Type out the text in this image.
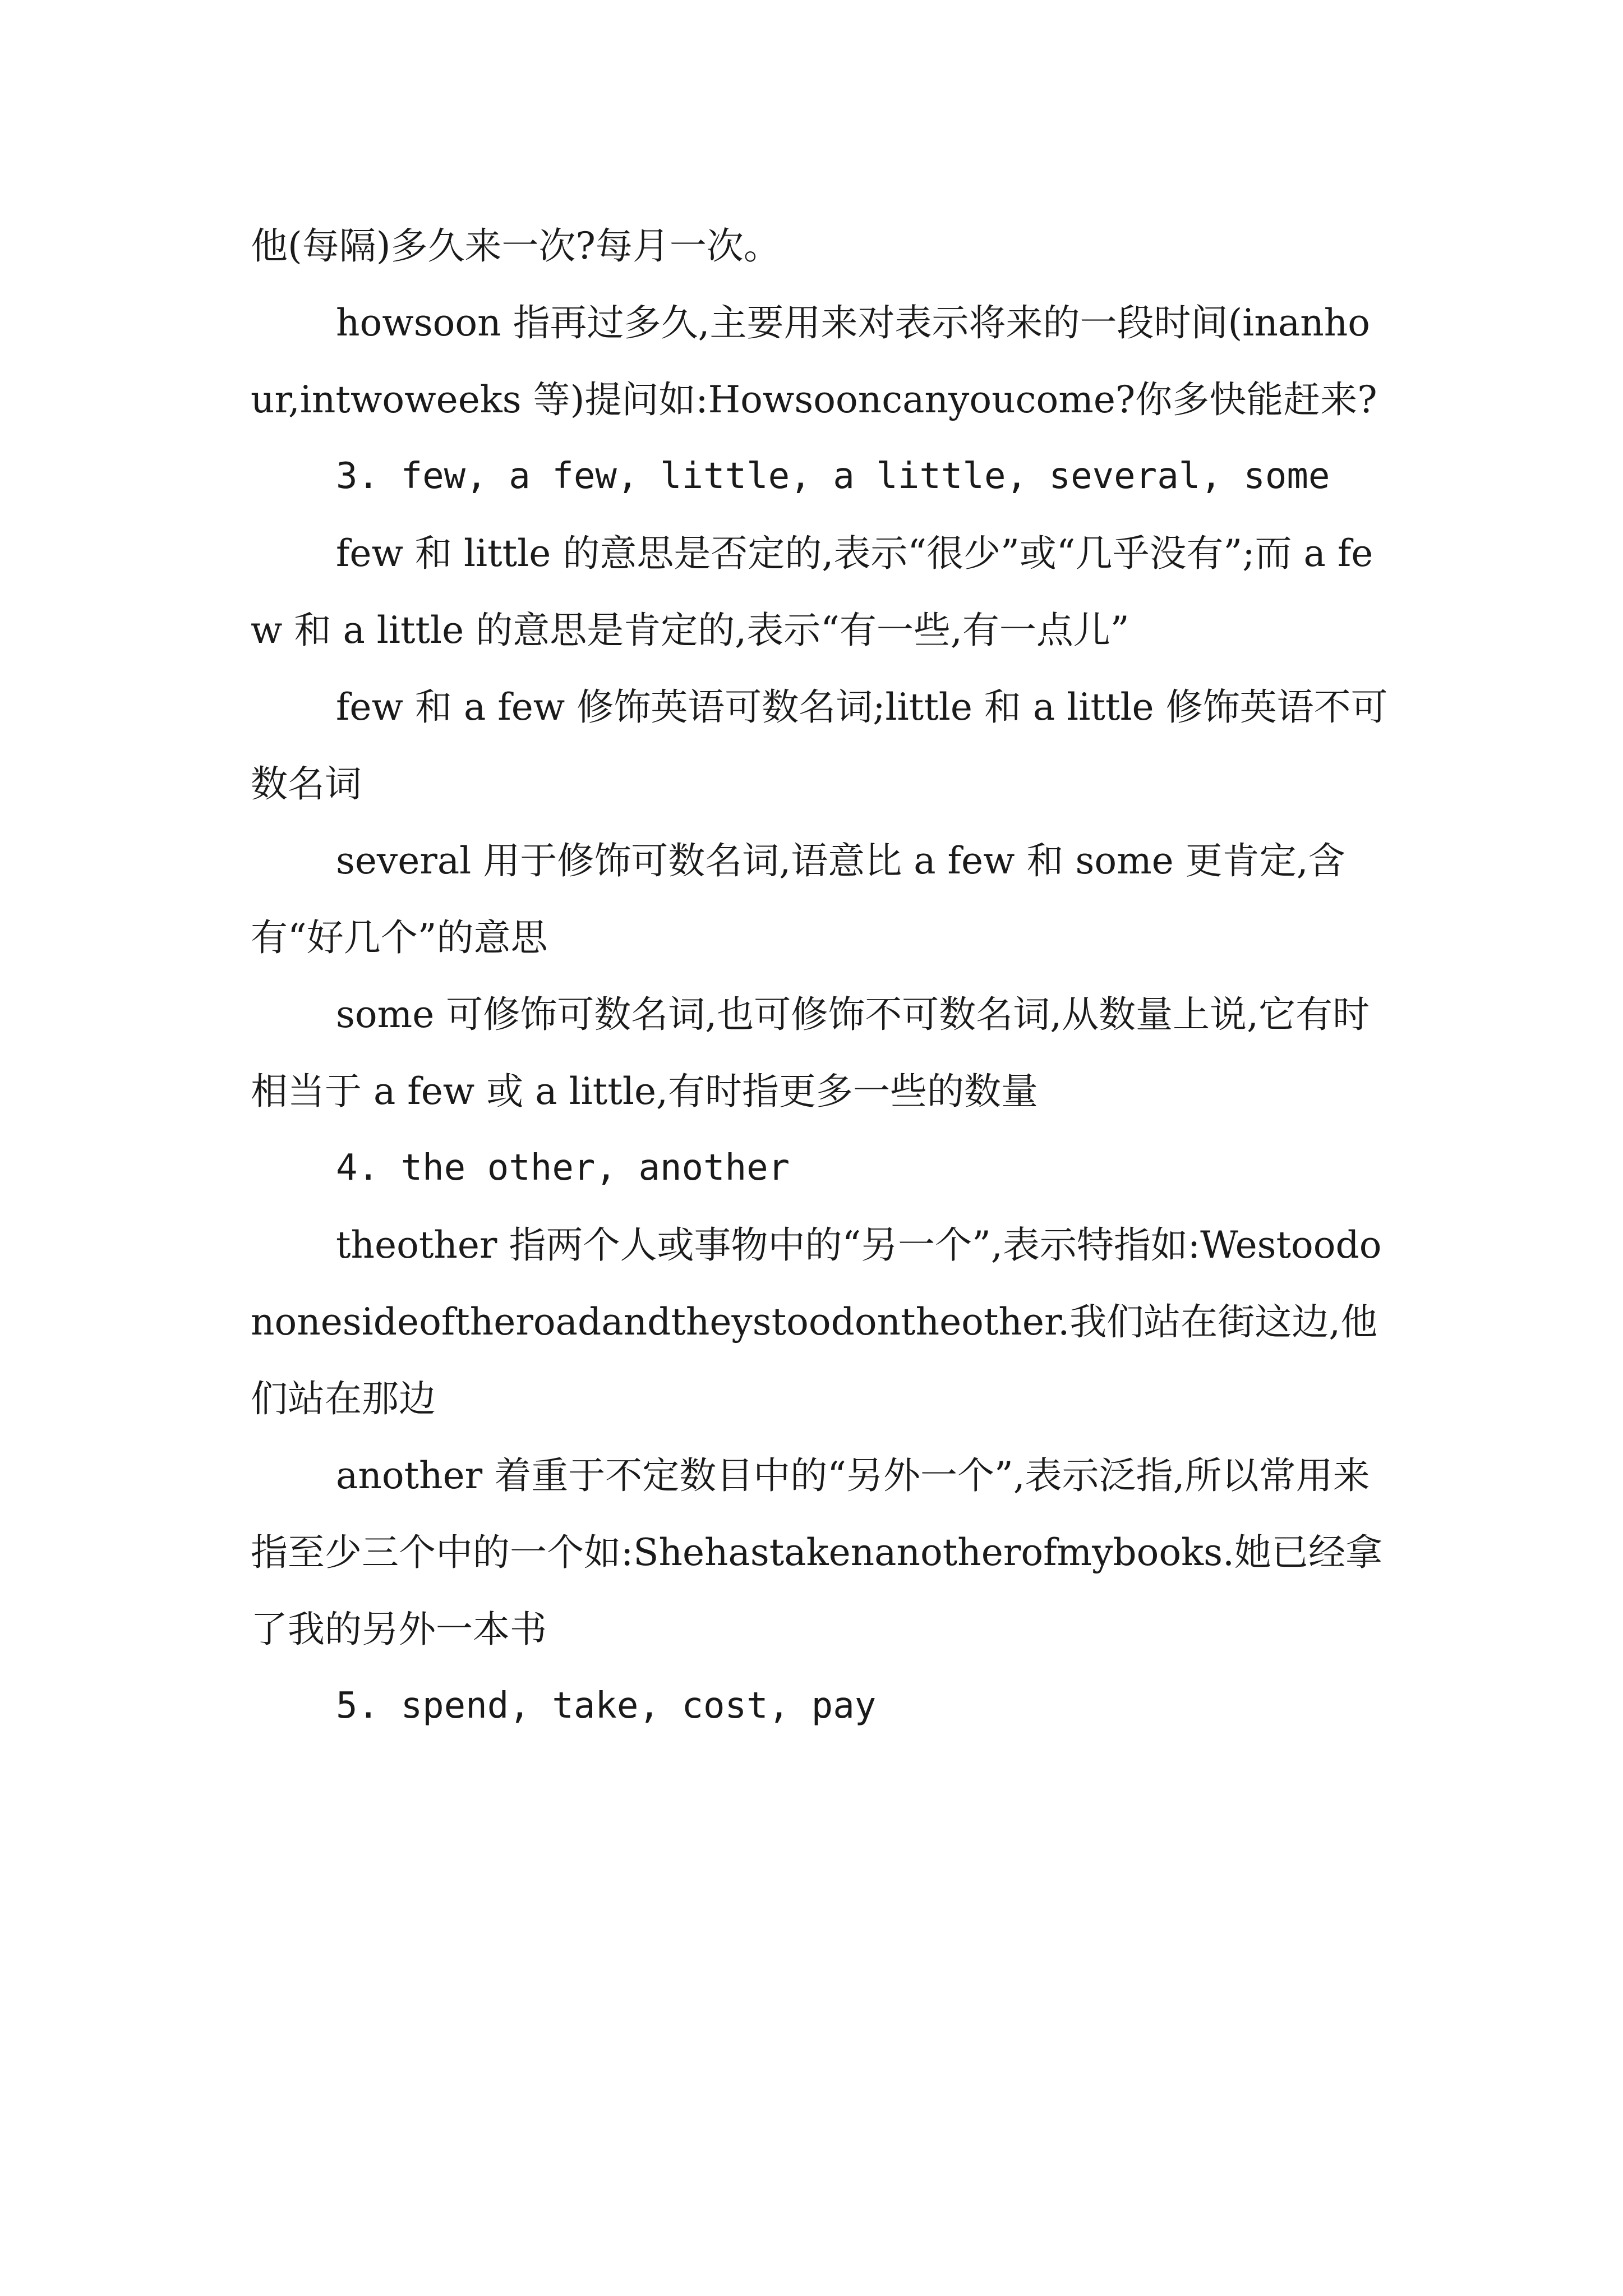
他(每隔)多久来一次?每月一次。

howsoon 指再过多久,主要用来对表示将来的一段时间(inanhour,intwoweeks 等)提问如:Howsooncanyoucome?你多快能赶来?

3. few, a few, little, a little, several, some

few 和 little 的意思是否定的,表示“很少”或“几乎没有”;而 a few 和 a little 的意思是肯定的,表示“有一些,有一点儿”

few 和 a few 修饰英语可数名词;little 和 a little 修饰英语不可数名词

several 用于修饰可数名词,语意比 a few 和 some 更肯定,含有“好几个”的意思

some 可修饰可数名词,也可修饰不可数名词,从数量上说,它有时相当于 a few 或 a little,有时指更多一些的数量

4. the other, another

theother 指两个人或事物中的“另一个”,表示特指如:Westoodononesideoftheroadandtheystoodontheother.我们站在街这边,他们站在那边

another 着重于不定数目中的“另外一个”,表示泛指,所以常用来指至少三个中的一个如:Shehastakenanotherofmybooks.她已经拿了我的另外一本书

5. spend, take, cost, pay
